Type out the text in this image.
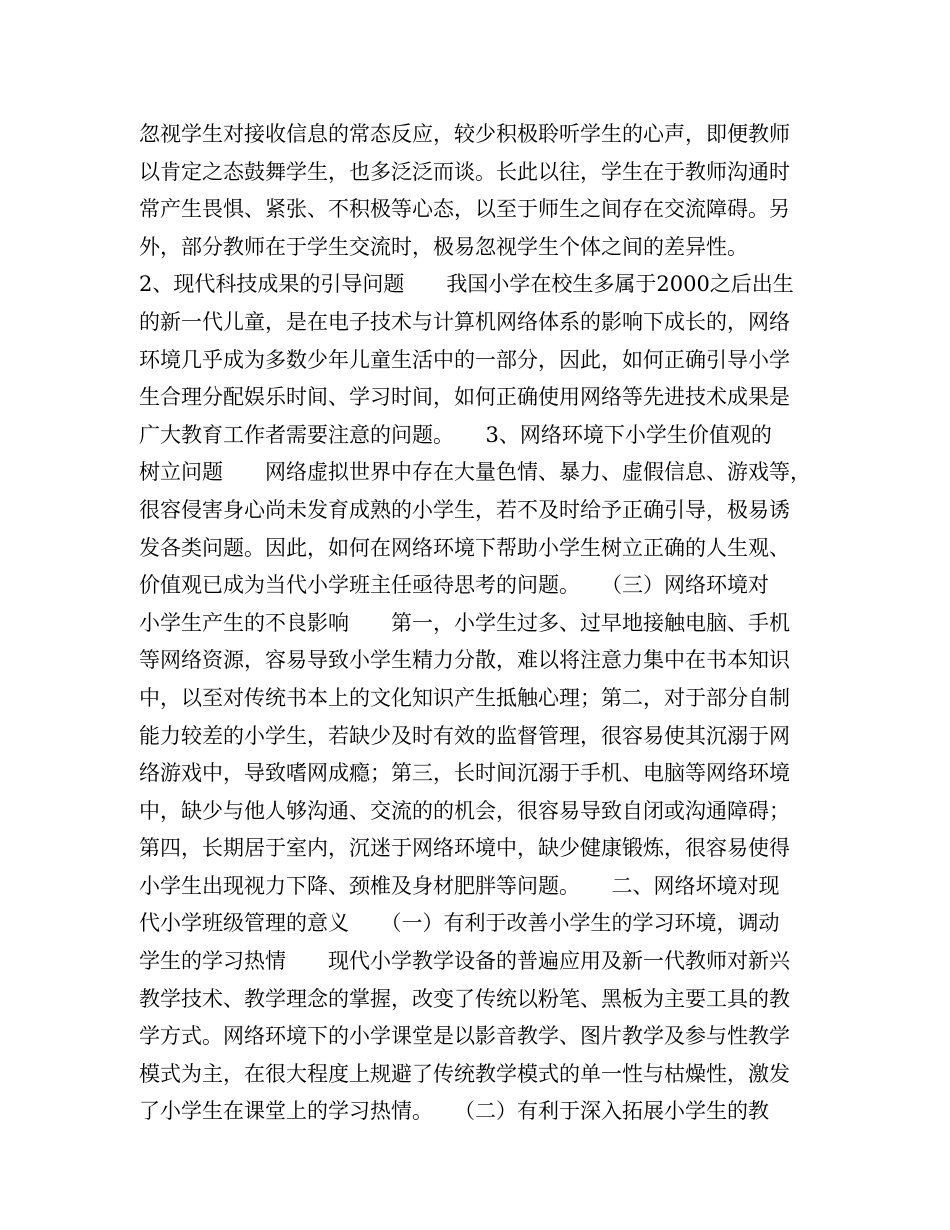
忽视学生对接收信息的常态反应，较少积极聆听学生的心声，即便教师
以肯定之态鼓舞学生，也多泛泛而谈。长此以往，学生在于教师沟通时
常产生畏惧、紧张、不积极等心态，以至于师生之间存在交流障碍。另
外，部分教师在于学生交流时，极易忽视学生个体之间的差异性。
2、现代科技成果的引导问题　　我国小学在校生多属于2000之后出生
的新一代儿童，是在电子技术与计算机网络体系的影响下成长的，网络
环境几乎成为多数少年儿童生活中的一部分，因此，如何正确引导小学
生合理分配娱乐时间、学习时间，如何正确使用网络等先进技术成果是
广大教育工作者需要注意的问题。　　3、网络环境下小学生价值观的
树立问题　　网络虚拟世界中存在大量色情、暴力、虚假信息、游戏等，
很容侵害身心尚未发育成熟的小学生，若不及时给予正确引导，极易诱
发各类问题。因此，如何在网络环境下帮助小学生树立正确的人生观、
价值观已成为当代小学班主任亟待思考的问题。　　（三）网络环境对
小学生产生的不良影响　　第一，小学生过多、过早地接触电脑、手机
等网络资源，容易导致小学生精力分散，难以将注意力集中在书本知识
中，以至对传统书本上的文化知识产生抵触心理；第二，对于部分自制
能力较差的小学生，若缺少及时有效的监督管理，很容易使其沉溺于网
络游戏中，导致嗜网成瘾；第三，长时间沉溺于手机、电脑等网络环境
中，缺少与他人够沟通、交流的的机会，很容易导致自闭或沟通障碍；
第四，长期居于室内，沉迷于网络环境中，缺少健康锻炼，很容易使得
小学生出现视力下降、颈椎及身材肥胖等问题。　　二、网络坏境对现
代小学班级管理的意义　　（一）有利于改善小学生的学习环境，调动
学生的学习热情　　现代小学教学设备的普遍应用及新一代教师对新兴
教学技术、教学理念的掌握，改变了传统以粉笔、黑板为主要工具的教
学方式。网络环境下的小学课堂是以影音教学、图片教学及参与性教学
模式为主，在很大程度上规避了传统教学模式的单一性与枯燥性，激发
了小学生在课堂上的学习热情。　　（二）有利于深入拓展小学生的教
